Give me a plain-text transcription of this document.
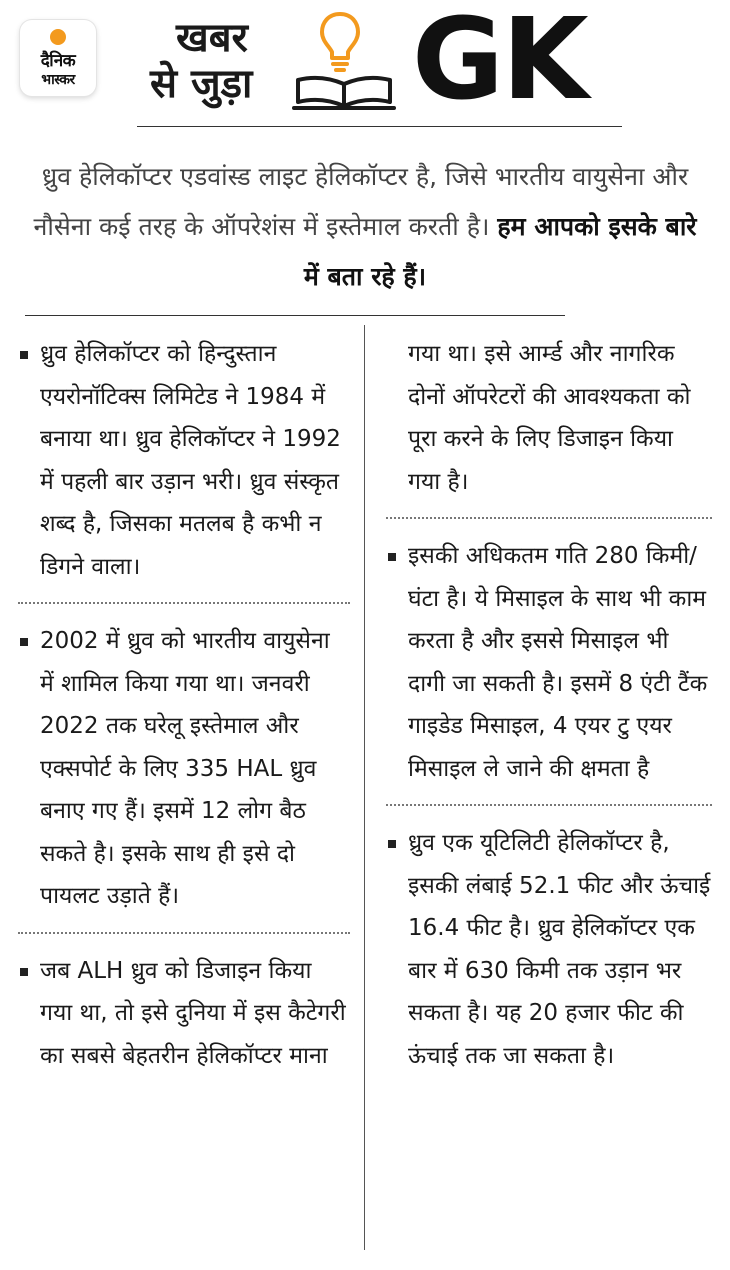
दैनिक
भास्कर
खबर
से जुड़ा GK
ध्रुव हेलिकॉप्टर एडवांस्ड लाइट हेलिकॉप्टर है, जिसे भारतीय वायुसेना और नौसेना कई तरह के ऑपरेशंस में इस्तेमाल करती है। हम आपको इसके बारे में बता रहे हैं।
ध्रुव हेलिकॉप्टर को हिन्दुस्तान एयरोनॉटिक्स लिमिटेड ने 1984 में बनाया था। ध्रुव हेलिकॉप्टर ने 1992 में पहली बार उड़ान भरी। ध्रुव संस्कृत शब्द है, जिसका मतलब है कभी न डिगने वाला।
2002 में ध्रुव को भारतीय वायुसेना में शामिल किया गया था। जनवरी 2022 तक घरेलू इस्तेमाल और एक्सपोर्ट के लिए 335 HAL ध्रुव बनाए गए हैं। इसमें 12 लोग बैठ सकते है। इसके साथ ही इसे दो पायलट उड़ाते हैं।
जब ALH ध्रुव को डिजाइन किया गया था, तो इसे दुनिया में इस कैटेगरी का सबसे बेहतरीन हेलिकॉप्टर माना
गया था। इसे आर्म्ड और नागरिक दोनों ऑपरेटरों की आवश्यकता को पूरा करने के लिए डिजाइन किया गया है।
इसकी अधिकतम गति 280 किमी/घंटा है। ये मिसाइल के साथ भी काम करता है और इससे मिसाइल भी दागी जा सकती है। इसमें 8 एंटी टैंक गाइडेड मिसाइल, 4 एयर टु एयर मिसाइल ले जाने की क्षमता है
ध्रुव एक यूटिलिटी हेलिकॉप्टर है, इसकी लंबाई 52.1 फीट और ऊंचाई 16.4 फीट है। ध्रुव हेलिकॉप्टर एक बार में 630 किमी तक उड़ान भर सकता है। यह 20 हजार फीट की ऊंचाई तक जा सकता है।
